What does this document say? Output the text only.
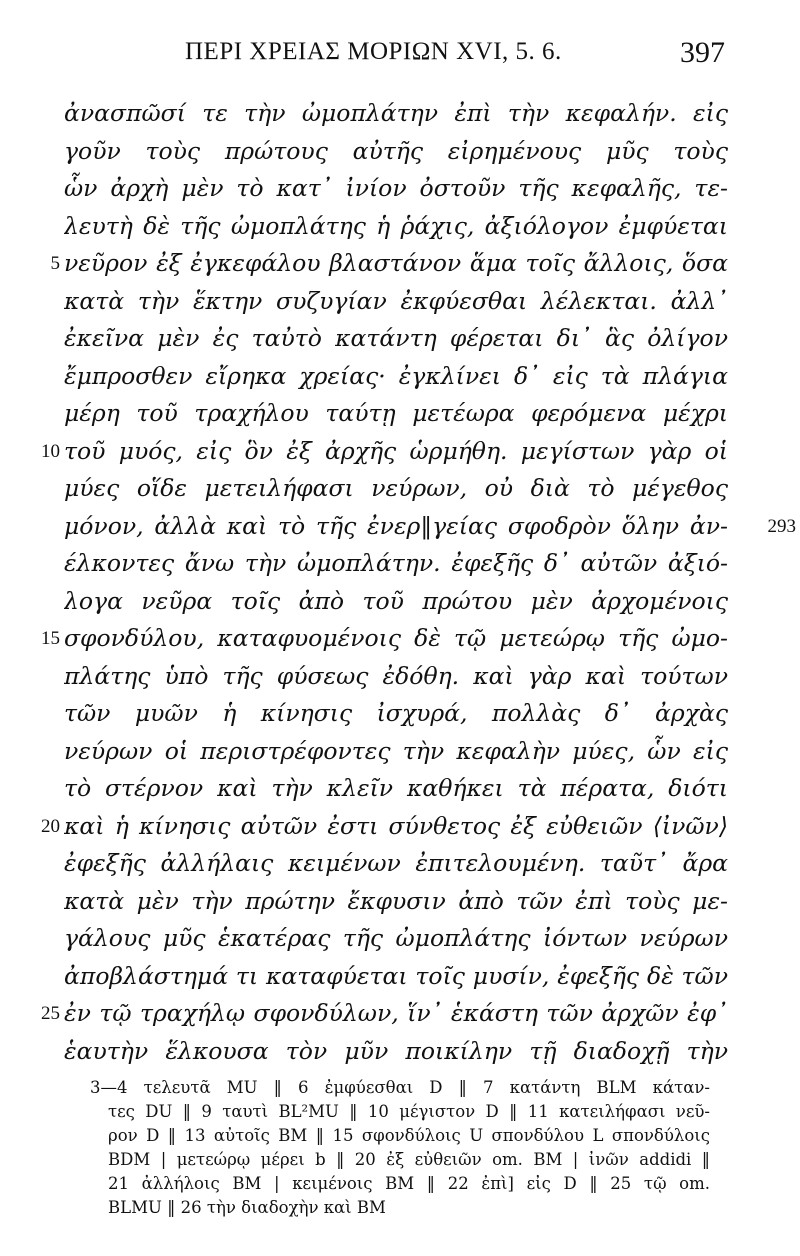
ΠΕΡΙ ΧΡΕΙΑΣ ΜΟΡΙΩΝ XVI, 5. 6.	397
ἀνασπῶσί τε τὴν ὠμοπλάτην ἐπὶ τὴν κεφαλήν. εἰς
γοῦν τοὺς πρώτους αὐτῆς εἰρημένους μῦς τοὺς
ὧν ἀρχὴ μὲν τὸ κατ᾽ ἰνίον ὀστοῦν τῆς κεφαλῆς, τε-
λευτὴ δὲ τῆς ὠμοπλάτης ἡ ῥάχις, ἀξιόλογον ἐμφύεται
5 νεῦρον ἐξ ἐγκεφάλου βλαστάνον ἅμα τοῖς ἄλλοις, ὅσα
κατὰ τὴν ἕκτην συζυγίαν ἐκφύεσθαι λέλεκται. ἀλλ᾽
ἐκεῖνα μὲν ἐς ταὐτὸ κατάντη φέρεται δι᾽ ἃς ὀλίγον
ἔμπροσθεν εἴρηκα χρείας· ἐγκλίνει δ᾽ εἰς τὰ πλάγια
μέρη τοῦ τραχήλου ταύτῃ μετέωρα φερόμενα μέχρι
10 τοῦ μυός, εἰς ὃν ἐξ ἀρχῆς ὡρμήθη. μεγίστων γὰρ οἱ
μύες οἵδε μετειλήφασι νεύρων, οὐ διὰ τὸ μέγεθος
μόνον, ἀλλὰ καὶ τὸ τῆς ἐνερ‖γείας σφοδρὸν ὅλην ἀν- 293
έλκοντες ἄνω τὴν ὠμοπλάτην. ἐφεξῆς δ᾽ αὐτῶν ἀξιό-
λογα νεῦρα τοῖς ἀπὸ τοῦ πρώτου μὲν ἀρχομένοις
15 σφονδύλου, καταφυομένοις δὲ τῷ μετεώρῳ τῆς ὠμο-
πλάτης ὑπὸ τῆς φύσεως ἐδόθη. καὶ γὰρ καὶ τούτων
τῶν μυῶν ἡ κίνησις ἰσχυρά, πολλὰς δ᾽ ἀρχὰς
νεύρων οἱ περιστρέφοντες τὴν κεφαλὴν μύες, ὧν εἰς
τὸ στέρνον καὶ τὴν κλεῖν καθήκει τὰ πέρατα, διότι
20 καὶ ἡ κίνησις αὐτῶν ἐστι σύνθετος ἐξ εὐθειῶν ⟨ἰνῶν⟩
ἐφεξῆς ἀλλήλαις κειμένων ἐπιτελουμένη. ταῦτ᾽ ἄρα
κατὰ μὲν τὴν πρώτην ἔκφυσιν ἀπὸ τῶν ἐπὶ τοὺς με-
γάλους μῦς ἑκατέρας τῆς ὠμοπλάτης ἰόντων νεύρων
ἀποβλάστημά τι καταφύεται τοῖς μυσίν, ἐφεξῆς δὲ τῶν
25 ἐν τῷ τραχήλῳ σφονδύλων, ἵν᾽ ἑκάστη τῶν ἀρχῶν ἐφ᾽
ἑαυτὴν ἕλκουσα τὸν μῦν ποικίλην τῇ διαδοχῇ τὴν
3—4 τελευτᾶ MU ‖ 6 ἐμφύεσθαι D ‖ 7 κατάντη BLM κάταν-
τες DU ‖ 9 ταυτὶ BL²MU ‖ 10 μέγιστον D ‖ 11 κατειλήφασι νεῦ-
ρον D ‖ 13 αὐτοῖς BM ‖ 15 σφονδύλοις U σπονδύλου L σπονδύλοις
BDM | μετεώρῳ μέρει b ‖ 20 ἐξ εὐθειῶν om. BM | ἰνῶν addidi ‖
21 ἀλλήλοις BM | κειμένοις BM ‖ 22 ἐπὶ] εἰς D ‖ 25 τῷ om.
BLMU ‖ 26 τὴν διαδοχὴν καὶ BM
